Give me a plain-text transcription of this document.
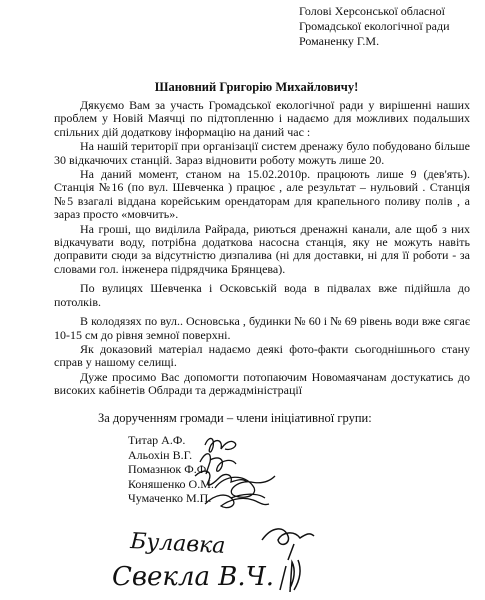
Голові Херсонської обласної
Громадської екологічної ради
Романенку Г.М.
Шановний Григорію Михайловичу!

Дякуємо Вам за участь Громадської екологічної ради у вирішенні наших проблем у Новій Маячці по підтопленню і надаємо для можливих подальших спільних дій додаткову інформацію на даний час :

На нашій території при організації систем дренажу було побудовано більше 30 відкачючих станцій. Зараз відновити роботу можуть лише 20.

На даний момент, станом на 15.02.2010р. працюють лише 9 (дев'ять). Станція №16 (по вул. Шевченка ) працює , але результат – нульовий . Станція №5 взагалі віддана корейським орендаторам для крапельного поливу полів , а зараз просто «мовчить».

На гроші, що виділила Райрада, риються дренажні канали, але щоб з них відкачувати воду, потрібна додаткова насосна станція, яку не можуть навіть доправити сюди за відсутністю дизпалива (ні для доставки, ні для її роботи - за словами гол. інженера підрядчика Брянцева).

По вулицях Шевченка і Осковській вода в підвалах вже підійшла до потолків.

В колодязях по вул.. Основська , будинки № 60 і № 69 рівень води вже сягає 10-15 см до рівня земної поверхні.

Як доказовий матеріал надаємо деякі фото-факти сьогоднішнього стану справ у нашому селищі.

Дуже просимо Вас допомогти потопаючим Новомаячанам достукатись до високих кабінетів Облради та держадміністрації

За дорученням громади – члени ініціативної групи:
Титар А.Ф.
Альохін В.Г.
Помазнюк Ф.Ф.
Коняшенко О.М.
Чумаченко М.П.
Булавка
Свекла В.Ч.
